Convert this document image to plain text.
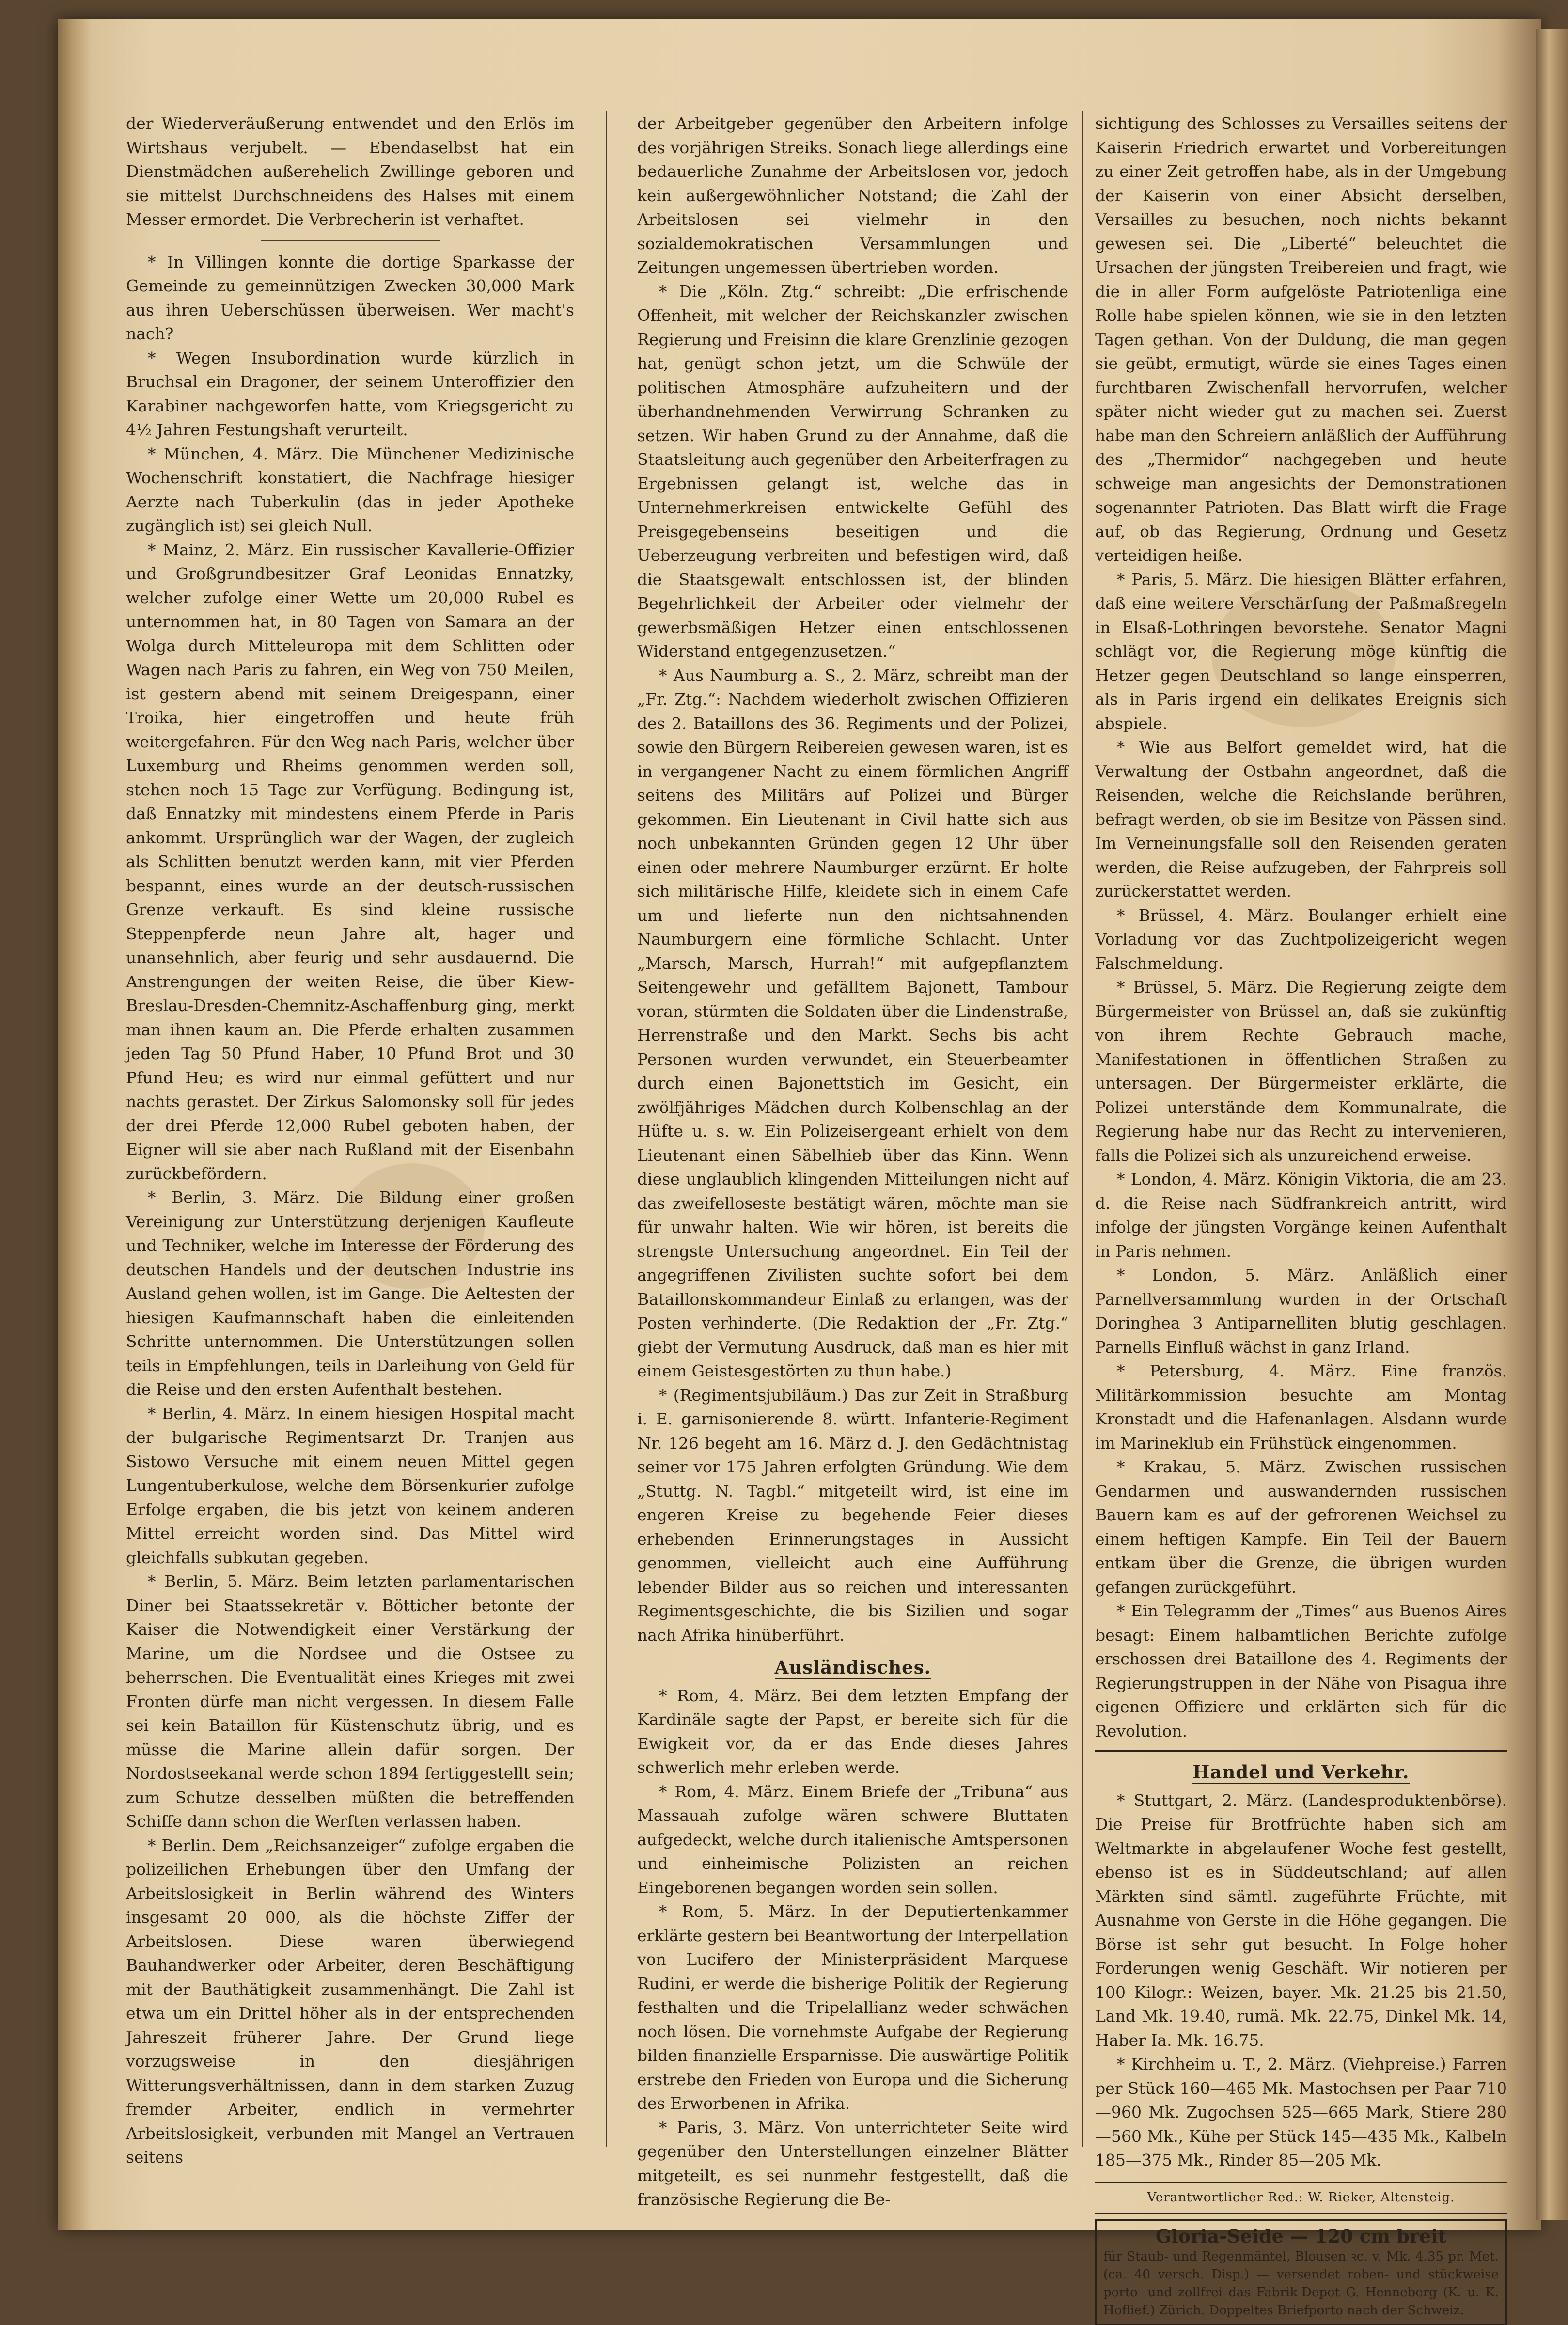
der Wiederveräußerung entwendet und den Erlös im Wirtshaus verjubelt. — Ebendaselbst hat ein Dienstmädchen außerehelich Zwillinge geboren und sie mittelst Durchschneidens des Halses mit einem Messer ermordet. Die Verbrecherin ist verhaftet.

* In Villingen konnte die dortige Sparkasse der Gemeinde zu gemeinnützigen Zwecken 30,000 Mark aus ihren Ueberschüssen überweisen. Wer macht's nach?

* Wegen Insubordination wurde kürzlich in Bruchsal ein Dragoner, der seinem Unteroffizier den Karabiner nachgeworfen hatte, vom Kriegsgericht zu 4½ Jahren Festungshaft verurteilt.

* München, 4. März. Die Münchener Medizinische Wochenschrift konstatiert, die Nachfrage hiesiger Aerzte nach Tuberkulin (das in jeder Apotheke zugänglich ist) sei gleich Null.

* Mainz, 2. März. Ein russischer Kavallerie-Offizier und Großgrundbesitzer Graf Leonidas Ennatzky, welcher zufolge einer Wette um 20,000 Rubel es unternommen hat, in 80 Tagen von Samara an der Wolga durch Mitteleuropa mit dem Schlitten oder Wagen nach Paris zu fahren, ein Weg von 750 Meilen, ist gestern abend mit seinem Dreigespann, einer Troika, hier eingetroffen und heute früh weitergefahren. Für den Weg nach Paris, welcher über Luxemburg und Rheims genommen werden soll, stehen noch 15 Tage zur Verfügung. Bedingung ist, daß Ennatzky mit mindestens einem Pferde in Paris ankommt. Ursprünglich war der Wagen, der zugleich als Schlitten benutzt werden kann, mit vier Pferden bespannt, eines wurde an der deutsch-russischen Grenze verkauft. Es sind kleine russische Steppenpferde neun Jahre alt, hager und unansehnlich, aber feurig und sehr ausdauernd. Die Anstrengungen der weiten Reise, die über Kiew-Breslau-Dresden-Chemnitz-Aschaffenburg ging, merkt man ihnen kaum an. Die Pferde erhalten zusammen jeden Tag 50 Pfund Haber, 10 Pfund Brot und 30 Pfund Heu; es wird nur einmal gefüttert und nur nachts gerastet. Der Zirkus Salomonsky soll für jedes der drei Pferde 12,000 Rubel geboten haben, der Eigner will sie aber nach Rußland mit der Eisenbahn zurückbefördern.

* Berlin, 3. März. Die Bildung einer großen Vereinigung zur Unterstützung derjenigen Kaufleute und Techniker, welche im Interesse der Förderung des deutschen Handels und der deutschen Industrie ins Ausland gehen wollen, ist im Gange. Die Aeltesten der hiesigen Kaufmannschaft haben die einleitenden Schritte unternommen. Die Unterstützungen sollen teils in Empfehlungen, teils in Darleihung von Geld für die Reise und den ersten Aufenthalt bestehen.

* Berlin, 4. März. In einem hiesigen Hospital macht der bulgarische Regimentsarzt Dr. Tranjen aus Sistowo Versuche mit einem neuen Mittel gegen Lungentuberkulose, welche dem Börsenkurier zufolge Erfolge ergaben, die bis jetzt von keinem anderen Mittel erreicht worden sind. Das Mittel wird gleichfalls subkutan gegeben.

* Berlin, 5. März. Beim letzten parlamentarischen Diner bei Staatssekretär v. Bötticher betonte der Kaiser die Notwendigkeit einer Verstärkung der Marine, um die Nordsee und die Ostsee zu beherrschen. Die Eventualität eines Krieges mit zwei Fronten dürfe man nicht vergessen. In diesem Falle sei kein Bataillon für Küstenschutz übrig, und es müsse die Marine allein dafür sorgen. Der Nordostseekanal werde schon 1894 fertiggestellt sein; zum Schutze desselben müßten die betreffenden Schiffe dann schon die Werften verlassen haben.

* Berlin. Dem „Reichsanzeiger“ zufolge ergaben die polizeilichen Erhebungen über den Umfang der Arbeitslosigkeit in Berlin während des Winters insgesamt 20 000, als die höchste Ziffer der Arbeitslosen. Diese waren überwiegend Bauhandwerker oder Arbeiter, deren Beschäftigung mit der Bauthätigkeit zusammenhängt. Die Zahl ist etwa um ein Drittel höher als in der entsprechenden Jahreszeit früherer Jahre. Der Grund liege vorzugsweise in den diesjährigen Witterungsverhältnissen, dann in dem starken Zuzug fremder Arbeiter, endlich in vermehrter Arbeitslosigkeit, verbunden mit Mangel an Vertrauen seitens

der Arbeitgeber gegenüber den Arbeitern infolge des vorjährigen Streiks. Sonach liege allerdings eine bedauerliche Zunahme der Arbeitslosen vor, jedoch kein außergewöhnlicher Notstand; die Zahl der Arbeitslosen sei vielmehr in den sozialdemokratischen Versammlungen und Zeitungen ungemessen übertrieben worden.

* Die „Köln. Ztg.“ schreibt: „Die erfrischende Offenheit, mit welcher der Reichskanzler zwischen Regierung und Freisinn die klare Grenzlinie gezogen hat, genügt schon jetzt, um die Schwüle der politischen Atmosphäre aufzuheitern und der überhandnehmenden Verwirrung Schranken zu setzen. Wir haben Grund zu der Annahme, daß die Staatsleitung auch gegenüber den Arbeiterfragen zu Ergebnissen gelangt ist, welche das in Unternehmerkreisen entwickelte Gefühl des Preisgegebenseins beseitigen und die Ueberzeugung verbreiten und befestigen wird, daß die Staatsgewalt entschlossen ist, der blinden Begehrlichkeit der Arbeiter oder vielmehr der gewerbsmäßigen Hetzer einen entschlossenen Widerstand entgegenzusetzen.“

* Aus Naumburg a. S., 2. März, schreibt man der „Fr. Ztg.“: Nachdem wiederholt zwischen Offizieren des 2. Bataillons des 36. Regiments und der Polizei, sowie den Bürgern Reibereien gewesen waren, ist es in vergangener Nacht zu einem förmlichen Angriff seitens des Militärs auf Polizei und Bürger gekommen. Ein Lieutenant in Civil hatte sich aus noch unbekannten Gründen gegen 12 Uhr über einen oder mehrere Naumburger erzürnt. Er holte sich militärische Hilfe, kleidete sich in einem Cafe um und lieferte nun den nichtsahnenden Naumburgern eine förmliche Schlacht. Unter „Marsch, Marsch, Hurrah!“ mit aufgepflanztem Seitengewehr und gefälltem Bajonett, Tambour voran, stürmten die Soldaten über die Lindenstraße, Herrenstraße und den Markt. Sechs bis acht Personen wurden verwundet, ein Steuerbeamter durch einen Bajonettstich im Gesicht, ein zwölfjähriges Mädchen durch Kolbenschlag an der Hüfte u. s. w. Ein Polizeisergeant erhielt von dem Lieutenant einen Säbelhieb über das Kinn. Wenn diese unglaublich klingenden Mitteilungen nicht auf das zweifelloseste bestätigt wären, möchte man sie für unwahr halten. Wie wir hören, ist bereits die strengste Untersuchung angeordnet. Ein Teil der angegriffenen Zivilisten suchte sofort bei dem Bataillonskommandeur Einlaß zu erlangen, was der Posten verhinderte. (Die Redaktion der „Fr. Ztg.“ giebt der Vermutung Ausdruck, daß man es hier mit einem Geistesgestörten zu thun habe.)

* (Regimentsjubiläum.) Das zur Zeit in Straßburg i. E. garnisonierende 8. württ. Infanterie-Regiment Nr. 126 begeht am 16. März d. J. den Gedächtnistag seiner vor 175 Jahren erfolgten Gründung. Wie dem „Stuttg. N. Tagbl.“ mitgeteilt wird, ist eine im engeren Kreise zu begehende Feier dieses erhebenden Erinnerungstages in Aussicht genommen, vielleicht auch eine Aufführung lebender Bilder aus so reichen und interessanten Regimentsgeschichte, die bis Sizilien und sogar nach Afrika hinüberführt.

Ausländisches.

* Rom, 4. März. Bei dem letzten Empfang der Kardinäle sagte der Papst, er bereite sich für die Ewigkeit vor, da er das Ende dieses Jahres schwerlich mehr erleben werde.

* Rom, 4. März. Einem Briefe der „Tribuna“ aus Massauah zufolge wären schwere Bluttaten aufgedeckt, welche durch italienische Amtspersonen und einheimische Polizisten an reichen Eingeborenen begangen worden sein sollen.

* Rom, 5. März. In der Deputiertenkammer erklärte gestern bei Beantwortung der Interpellation von Lucifero der Ministerpräsident Marquese Rudini, er werde die bisherige Politik der Regierung festhalten und die Tripelallianz weder schwächen noch lösen. Die vornehmste Aufgabe der Regierung bilden finanzielle Ersparnisse. Die auswärtige Politik erstrebe den Frieden von Europa und die Sicherung des Erworbenen in Afrika.

* Paris, 3. März. Von unterrichteter Seite wird gegenüber den Unterstellungen einzelner Blätter mitgeteilt, es sei nunmehr festgestellt, daß die französische Regierung die Be-

sichtigung des Schlosses zu Versailles seitens der Kaiserin Friedrich erwartet und Vorbereitungen zu einer Zeit getroffen habe, als in der Umgebung der Kaiserin von einer Absicht derselben, Versailles zu besuchen, noch nichts bekannt gewesen sei. Die „Liberté“ beleuchtet die Ursachen der jüngsten Treibereien und fragt, wie die in aller Form aufgelöste Patriotenliga eine Rolle habe spielen können, wie sie in den letzten Tagen gethan. Von der Duldung, die man gegen sie geübt, ermutigt, würde sie eines Tages einen furchtbaren Zwischenfall hervorrufen, welcher später nicht wieder gut zu machen sei. Zuerst habe man den Schreiern anläßlich der Aufführung des „Thermidor“ nachgegeben und heute schweige man angesichts der Demonstrationen sogenannter Patrioten. Das Blatt wirft die Frage auf, ob das Regierung, Ordnung und Gesetz verteidigen heiße.

* Paris, 5. März. Die hiesigen Blätter erfahren, daß eine weitere Verschärfung der Paßmaßregeln in Elsaß-Lothringen bevorstehe. Senator Magni schlägt vor, die Regierung möge künftig die Hetzer gegen Deutschland so lange einsperren, als in Paris irgend ein delikates Ereignis sich abspiele.

* Wie aus Belfort gemeldet wird, hat die Verwaltung der Ostbahn angeordnet, daß die Reisenden, welche die Reichslande berühren, befragt werden, ob sie im Besitze von Pässen sind. Im Verneinungsfalle soll den Reisenden geraten werden, die Reise aufzugeben, der Fahrpreis soll zurückerstattet werden.

* Brüssel, 4. März. Boulanger erhielt eine Vorladung vor das Zuchtpolizeigericht wegen Falschmeldung.

* Brüssel, 5. März. Die Regierung zeigte dem Bürgermeister von Brüssel an, daß sie zukünftig von ihrem Rechte Gebrauch mache, Manifestationen in öffentlichen Straßen zu untersagen. Der Bürgermeister erklärte, die Polizei unterstände dem Kommunalrate, die Regierung habe nur das Recht zu intervenieren, falls die Polizei sich als unzureichend erweise.

* London, 4. März. Königin Viktoria, die am 23. d. die Reise nach Südfrankreich antritt, wird infolge der jüngsten Vorgänge keinen Aufenthalt in Paris nehmen.

* London, 5. März. Anläßlich einer Parnellversammlung wurden in der Ortschaft Doringhea 3 Antiparnelliten blutig geschlagen. Parnells Einfluß wächst in ganz Irland.

* Petersburg, 4. März. Eine französ. Militärkommission besuchte am Montag Kronstadt und die Hafenanlagen. Alsdann wurde im Marineklub ein Frühstück eingenommen.

* Krakau, 5. März. Zwischen russischen Gendarmen und auswandernden russischen Bauern kam es auf der gefrorenen Weichsel zu einem heftigen Kampfe. Ein Teil der Bauern entkam über die Grenze, die übrigen wurden gefangen zurückgeführt.

* Ein Telegramm der „Times“ aus Buenos Aires besagt: Einem halbamtlichen Berichte zufolge erschossen drei Bataillone des 4. Regiments der Regierungstruppen in der Nähe von Pisagua ihre eigenen Offiziere und erklärten sich für die Revolution.

Handel und Verkehr.

* Stuttgart, 2. März. (Landesproduktenbörse). Die Preise für Brotfrüchte haben sich am Weltmarkte in abgelaufener Woche fest gestellt, ebenso ist es in Süddeutschland; auf allen Märkten sind sämtl. zugeführte Früchte, mit Ausnahme von Gerste in die Höhe gegangen. Die Börse ist sehr gut besucht. In Folge hoher Forderungen wenig Geschäft. Wir notieren per 100 Kilogr.: Weizen, bayer. Mk. 21.25 bis 21.50, Land Mk. 19.40, rumä. Mk. 22.75, Dinkel Mk. 14, Haber Ia. Mk. 16.75.

* Kirchheim u. T., 2. März. (Viehpreise.) Farren per Stück 160—465 Mk. Mastochsen per Paar 710—960 Mk. Zugochsen 525—665 Mark, Stiere 280—560 Mk., Kühe per Stück 145—435 Mk., Kalbeln 185—375 Mk., Rinder 85—205 Mk.

Verantwortlicher Red.: W. Rieker, Altensteig.
Gloria-Seide — 120 cm breit
für Staub- und Regenmäntel, Blousen ꝛc. v. Mk. 4.35 pr. Met. (ca. 40 versch. Disp.) — versendet roben- und stückweise porto- und zollfrei das Fabrik-Depot G. Henneberg (K. u. K. Hoflief.) Zürich. Doppeltes Briefporto nach der Schweiz.
